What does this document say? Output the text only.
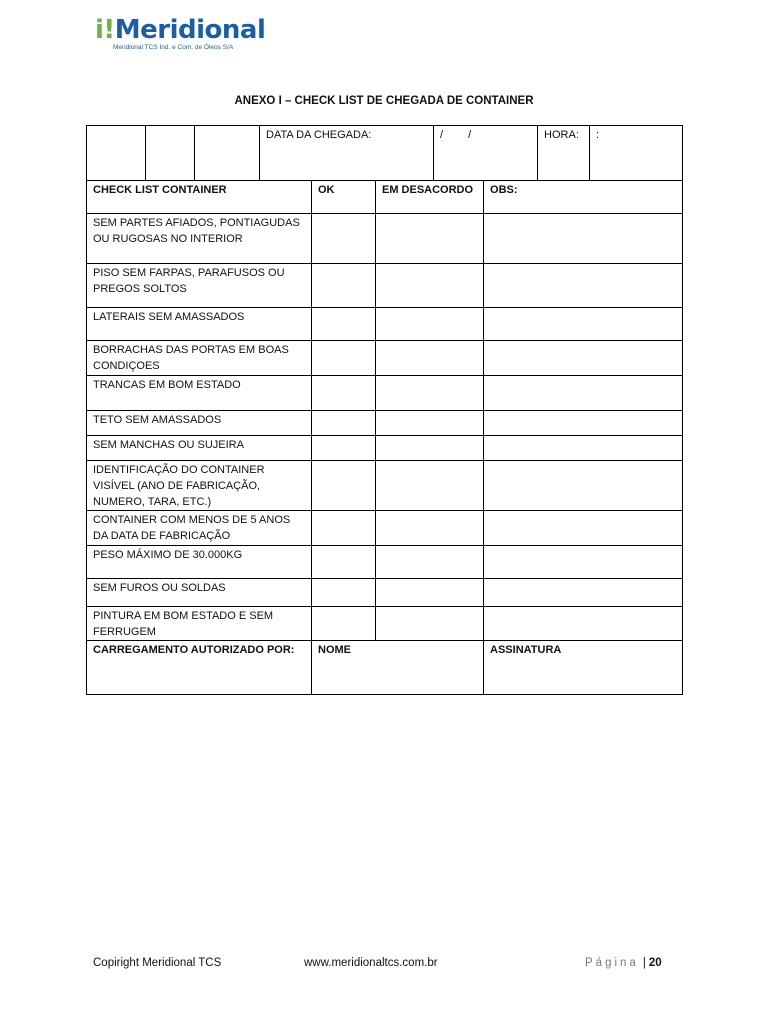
i!Meridional
Meridional TCS Ind. e Com. de Óleos S/A
ANEXO I – CHECK LIST DE CHEGADA DE CONTAINER
			DATA DA CHEGADA:			/ /		HORA:	:
CHECK LIST CONTAINER				OK	EM DESACORDO		OBS:		
SEM PARTES AFIADOS, PONTIAGUDAS OU RUGOSAS NO INTERIOR									
PISO SEM FARPAS, PARAFUSOS OU PREGOS SOLTOS									
LATERAIS SEM AMASSADOS									
BORRACHAS DAS PORTAS EM BOAS CONDIÇOES									
TRANCAS EM BOM ESTADO									
TETO SEM AMASSADOS									
SEM MANCHAS OU SUJEIRA									
IDENTIFICAÇÃO DO CONTAINER VISÍVEL (ANO DE FABRICAÇÃO, NUMERO, TARA, ETC.)									
CONTAINER COM MENOS DE 5 ANOS DA DATA DE FABRICAÇÃO									
PESO MÁXIMO DE 30.000KG									
SEM FUROS OU SOLDAS									
PINTURA EM BOM ESTADO E SEM FERRUGEM									
CARREGAMENTO AUTORIZADO POR:				NOME			ASSINATURA		
Copiright Meridional TCS	www.meridionaltcs.com.br	Página | 20
